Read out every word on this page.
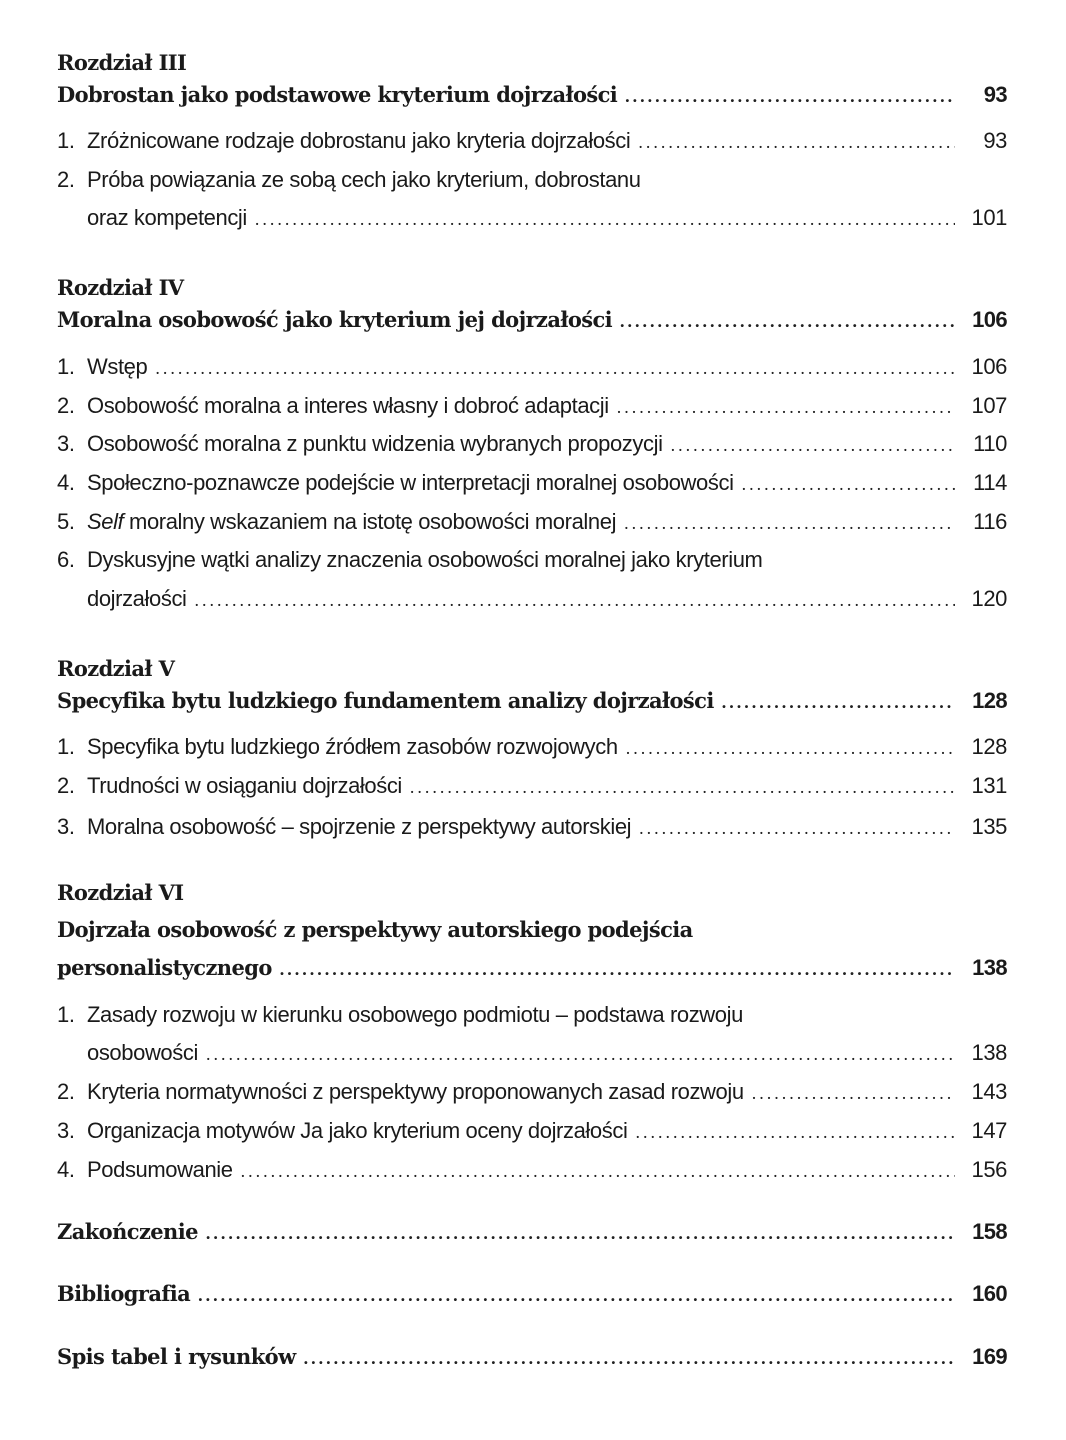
Rozdział III
Dobrostan jako podstawowe kryterium dojrzałości .....	93
1. Zróżnicowane rodzaje dobrostanu jako kryteria dojrzałości .....	93
2. Próba powiązania ze sobą cech jako kryterium, dobrostanu
oraz kompetencji .....	101
Rozdział IV
Moralna osobowość jako kryterium jej dojrzałości .....	106
1. Wstęp .....	106
2. Osobowość moralna a interes własny i dobroć adaptacji .....	107
3. Osobowość moralna z punktu widzenia wybranych propozycji .....	110
4. Społeczno-poznawcze podejście w interpretacji moralnej osobowości .....	114
5. Self moralny wskazaniem na istotę osobowości moralnej .....	116
6. Dyskusyjne wątki analizy znaczenia osobowości moralnej jako kryterium
dojrzałości .....	120
Rozdział V
Specyfika bytu ludzkiego fundamentem analizy dojrzałości .....	128
1. Specyfika bytu ludzkiego źródłem zasobów rozwojowych .....	128
2. Trudności w osiąganiu dojrzałości .....	131
3. Moralna osobowość – spojrzenie z perspektywy autorskiej .....	135
Rozdział VI
Dojrzała osobowość z perspektywy autorskiego podejścia
personalistycznego .....	138
1. Zasady rozwoju w kierunku osobowego podmiotu – podstawa rozwoju
osobowości .....	138
2. Kryteria normatywności z perspektywy proponowanych zasad rozwoju .....	143
3. Organizacja motywów Ja jako kryterium oceny dojrzałości .....	147
4. Podsumowanie .....	156
Zakończenie .....	158
Bibliografia .....	160
Spis tabel i rysunków .....	169
